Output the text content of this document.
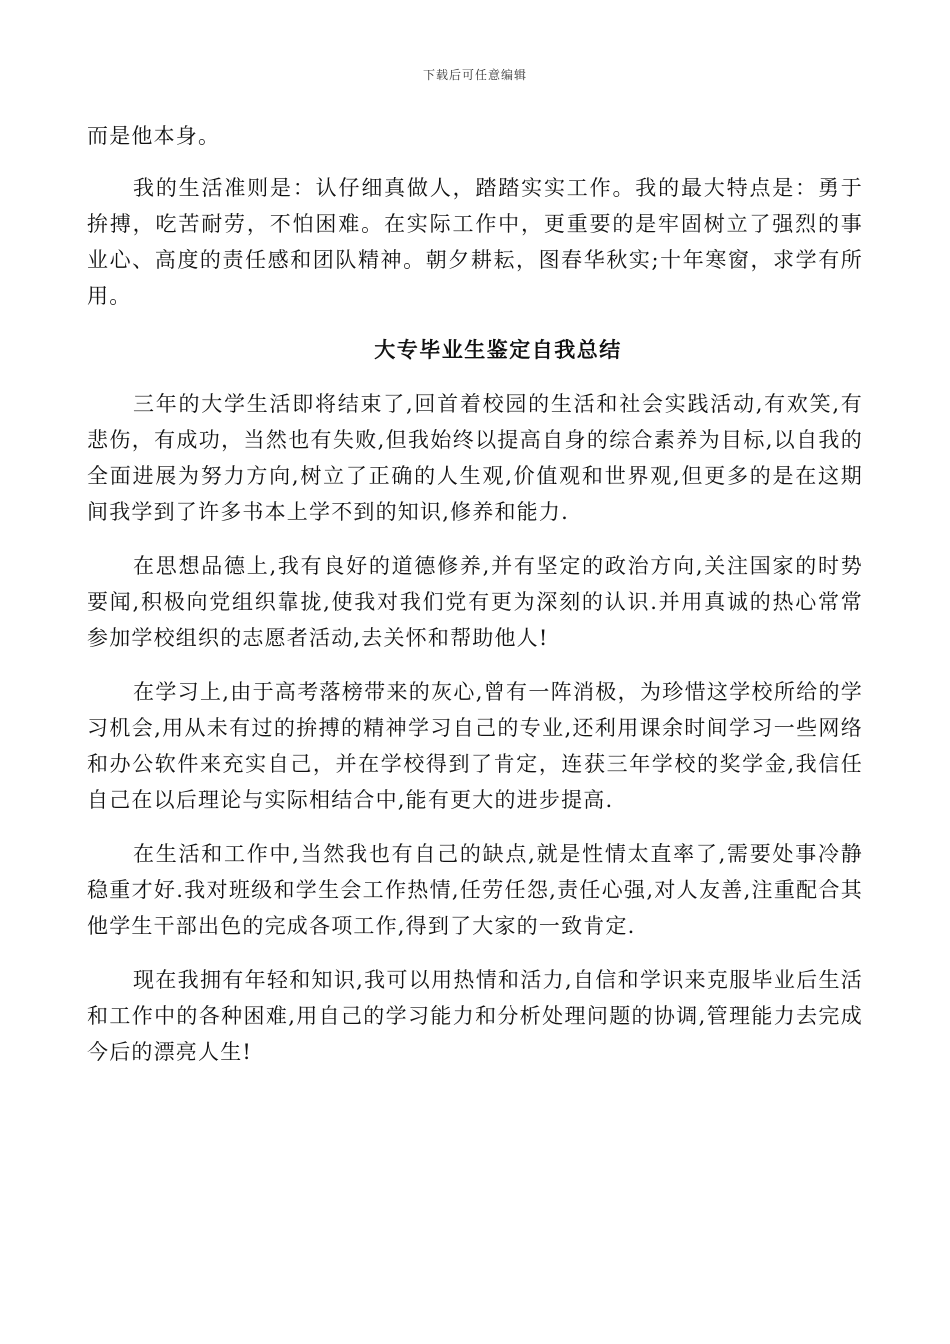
下载后可任意编辑

而是他本身。

我的生活准则是：认仔细真做人，踏踏实实工作。我的最大特点是：勇于拚搏，吃苦耐劳，不怕困难。在实际工作中，更重要的是牢固树立了强烈的事业心、高度的责任感和团队精神。朝夕耕耘，图春华秋实;十年寒窗，求学有所用。

大专毕业生鉴定自我总结

三年的大学生活即将结束了,回首着校园的生活和社会实践活动,有欢笑,有悲伤，有成功，当然也有失败,但我始终以提高自身的综合素养为目标,以自我的全面进展为努力方向,树立了正确的人生观,价值观和世界观,但更多的是在这期间我学到了许多书本上学不到的知识,修养和能力.

在思想品德上,我有良好的道德修养,并有坚定的政治方向,关注国家的时势要闻,积极向党组织靠拢,使我对我们党有更为深刻的认识.并用真诚的热心常常参加学校组织的志愿者活动,去关怀和帮助他人!

在学习上,由于高考落榜带来的灰心,曾有一阵消极，为珍惜这学校所给的学习机会,用从未有过的拚搏的精神学习自己的专业,还利用课余时间学习一些网络和办公软件来充实自己，并在学校得到了肯定，连获三年学校的奖学金,我信任自己在以后理论与实际相结合中,能有更大的进步提高.

在生活和工作中,当然我也有自己的缺点,就是性情太直率了,需要处事冷静稳重才好.我对班级和学生会工作热情,任劳任怨,责任心强,对人友善,注重配合其他学生干部出色的完成各项工作,得到了大家的一致肯定.

现在我拥有年轻和知识,我可以用热情和活力,自信和学识来克服毕业后生活和工作中的各种困难,用自己的学习能力和分析处理问题的协调,管理能力去完成今后的漂亮人生!
